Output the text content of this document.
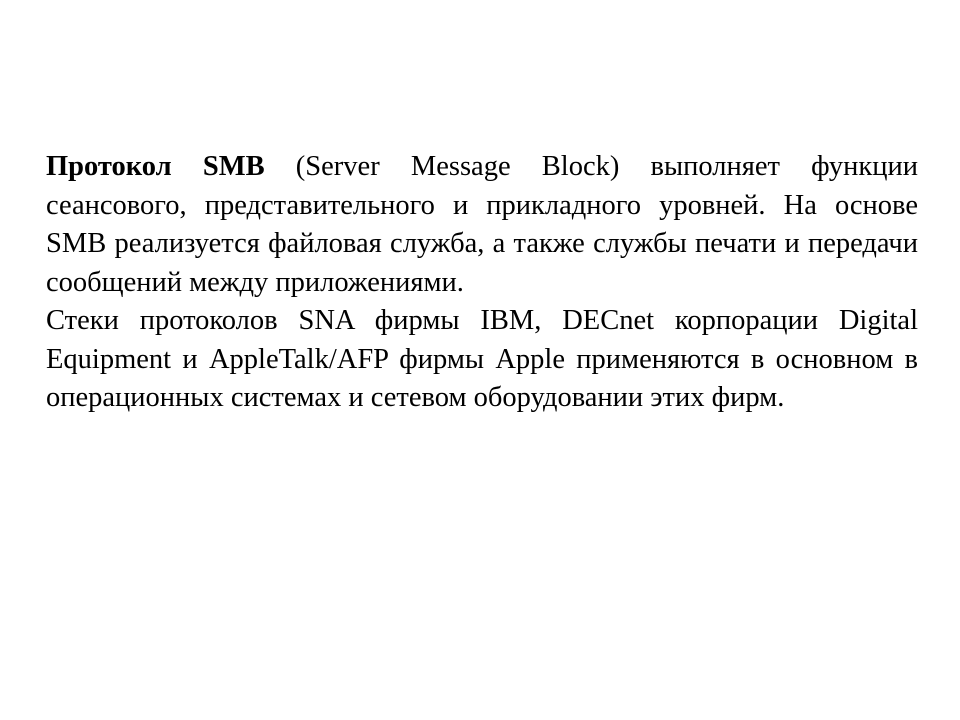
Протокол SMB (Server Message Block) выполняет функции сеансового, представительного и прикладного уровней. На основе SMB реализуется файловая служба, а также службы печати и передачи сообщений между приложениями.

Стеки протоколов SNA фирмы IBM, DECnet корпорации Digital Equipment и AppleTalk/AFP фирмы Apple применяются в основном в операционных системах и сетевом оборудовании этих фирм.
